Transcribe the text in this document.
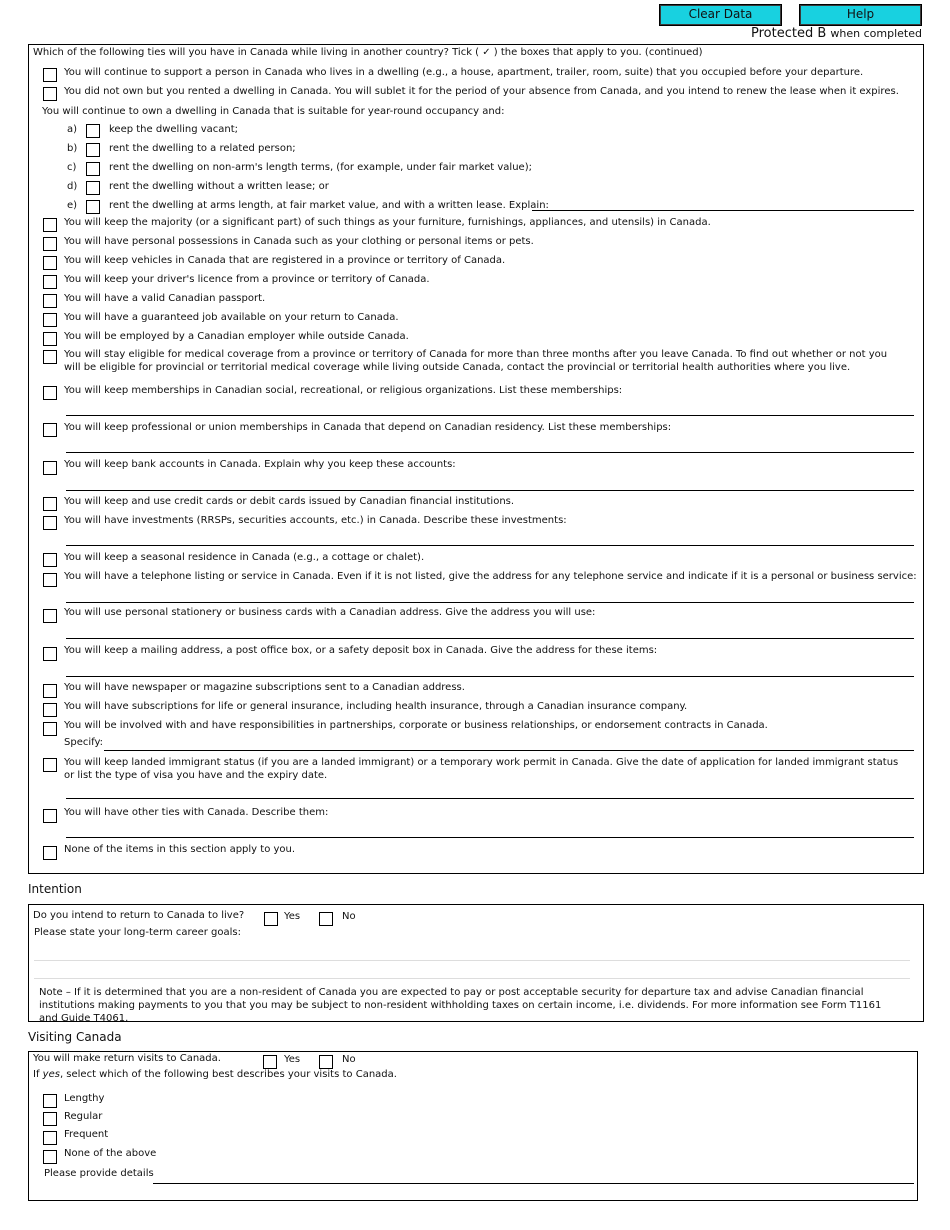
Clear Data	Help
Protected B when completed
Which of the following ties will you have in Canada while living in another country? Tick ( ✓ ) the boxes that apply to you. (continued)
You will continue to support a person in Canada who lives in a dwelling (e.g., a house, apartment, trailer, room, suite) that you occupied before your departure.
You did not own but you rented a dwelling in Canada. You will sublet it for the period of your absence from Canada, and you intend to renew the lease when it expires.
You will continue to own a dwelling in Canada that is suitable for year-round occupancy and:
a)	keep the dwelling vacant;
b)	rent the dwelling to a related person;
c)	rent the dwelling on non-arm's length terms, (for example, under fair market value);
d)	rent the dwelling without a written lease; or
e)	rent the dwelling at arms length, at fair market value, and with a written lease. Explain:
You will keep the majority (or a significant part) of such things as your furniture, furnishings, appliances, and utensils) in Canada.
You will have personal possessions in Canada such as your clothing or personal items or pets.
You will keep vehicles in Canada that are registered in a province or territory of Canada.
You will keep your driver's licence from a province or territory of Canada.
You will have a valid Canadian passport.
You will have a guaranteed job available on your return to Canada.
You will be employed by a Canadian employer while outside Canada.
You will stay eligible for medical coverage from a province or territory of Canada for more than three months after you leave Canada. To find out whether or not you will be eligible for provincial or territorial medical coverage while living outside Canada, contact the provincial or territorial health authorities where you live.
You will keep memberships in Canadian social, recreational, or religious organizations. List these memberships:
You will keep professional or union memberships in Canada that depend on Canadian residency. List these memberships:
You will keep bank accounts in Canada. Explain why you keep these accounts:
You will keep and use credit cards or debit cards issued by Canadian financial institutions.
You will have investments (RRSPs, securities accounts, etc.) in Canada. Describe these investments:
You will keep a seasonal residence in Canada (e.g., a cottage or chalet).
You will have a telephone listing or service in Canada. Even if it is not listed, give the address for any telephone service and indicate if it is a personal or business service:
You will use personal stationery or business cards with a Canadian address. Give the address you will use:
You will keep a mailing address, a post office box, or a safety deposit box in Canada. Give the address for these items:
You will have newspaper or magazine subscriptions sent to a Canadian address.
You will have subscriptions for life or general insurance, including health insurance, through a Canadian insurance company.
You will be involved with and have responsibilities in partnerships, corporate or business relationships, or endorsement contracts in Canada.
Specify:
You will keep landed immigrant status (if you are a landed immigrant) or a temporary work permit in Canada. Give the date of application for landed immigrant status or list the type of visa you have and the expiry date.
You will have other ties with Canada. Describe them:
None of the items in this section apply to you.
Intention
Do you intend to return to Canada to live?	Yes	No
Please state your long-term career goals:
Note – If it is determined that you are a non-resident of Canada you are expected to pay or post acceptable security for departure tax and advise Canadian financial institutions making payments to you that you may be subject to non-resident withholding taxes on certain income, i.e. dividends. For more information see Form T1161 and Guide T4061.
Visiting Canada
You will make return visits to Canada.	Yes	No
If yes, select which of the following best describes your visits to Canada.
Lengthy
Regular
Frequent
None of the above
Please provide details
